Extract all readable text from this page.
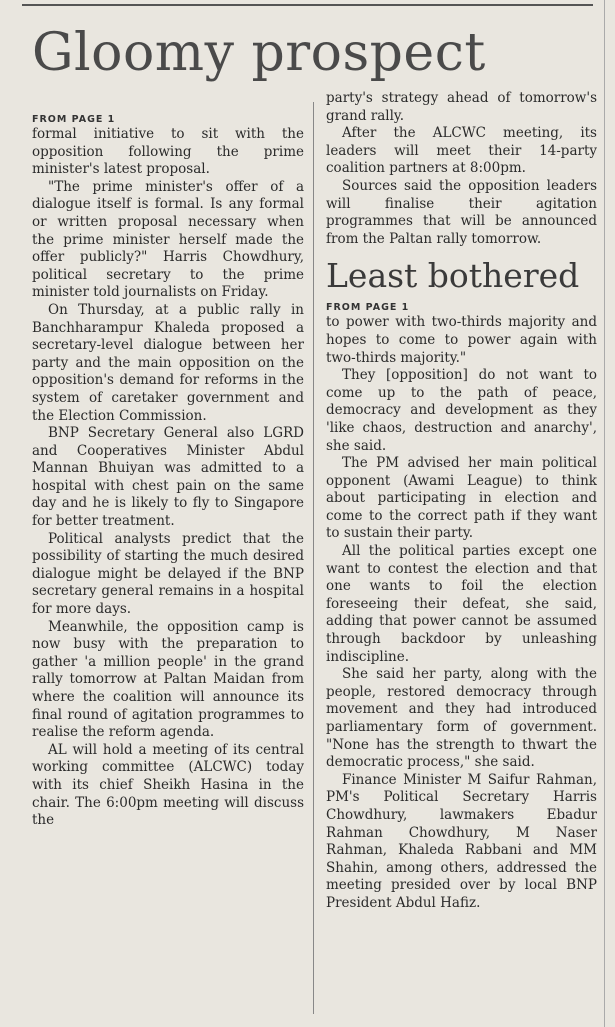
Gloomy prospect
FROM PAGE 1

formal initiative to sit with the opposition following the prime minister's latest proposal.

"The prime minister's offer of a dialogue itself is formal. Is any formal or written proposal necessary when the prime minister herself made the offer publicly?" Harris Chowdhury, political secretary to the prime minister told journalists on Friday.

On Thursday, at a public rally in Banchharampur Khaleda proposed a secretary-level dialogue between her party and the main opposition on the opposition's demand for reforms in the system of caretaker government and the Election Commission.

BNP Secretary General also LGRD and Cooperatives Minister Abdul Mannan Bhuiyan was admitted to a hospital with chest pain on the same day and he is likely to fly to Singapore for better treatment.

Political analysts predict that the possibility of starting the much desired dialogue might be delayed if the BNP secretary general remains in a hospital for more days.

Meanwhile, the opposition camp is now busy with the preparation to gather 'a million people' in the grand rally tomorrow at Paltan Maidan from where the coalition will announce its final round of agitation programmes to realise the reform agenda.

AL will hold a meeting of its central working committee (ALCWC) today with its chief Sheikh Hasina in the chair. The 6:00pm meeting will discuss the

party's strategy ahead of tomorrow's grand rally.

After the ALCWC meeting, its leaders will meet their 14-party coalition partners at 8:00pm.

Sources said the opposition leaders will finalise their agitation programmes that will be announced from the Paltan rally tomorrow.

Least bothered
FROM PAGE 1

to power with two-thirds majority and hopes to come to power again with two-thirds majority."

They [opposition] do not want to come up to the path of peace, democracy and development as they 'like chaos, destruction and anarchy', she said.

The PM advised her main political opponent (Awami League) to think about participating in election and come to the correct path if they want to sustain their party.

All the political parties except one want to contest the election and that one wants to foil the election foreseeing their defeat, she said, adding that power cannot be assumed through backdoor by unleashing indiscipline.

She said her party, along with the people, restored democracy through movement and they had introduced parliamentary form of government. "None has the strength to thwart the democratic process," she said.

Finance Minister M Saifur Rahman, PM's Political Secretary Harris Chowdhury, lawmakers Ebadur Rahman Chowdhury, M Naser Rahman, Khaleda Rabbani and MM Shahin, among others, addressed the meeting presided over by local BNP President Abdul Hafiz.
